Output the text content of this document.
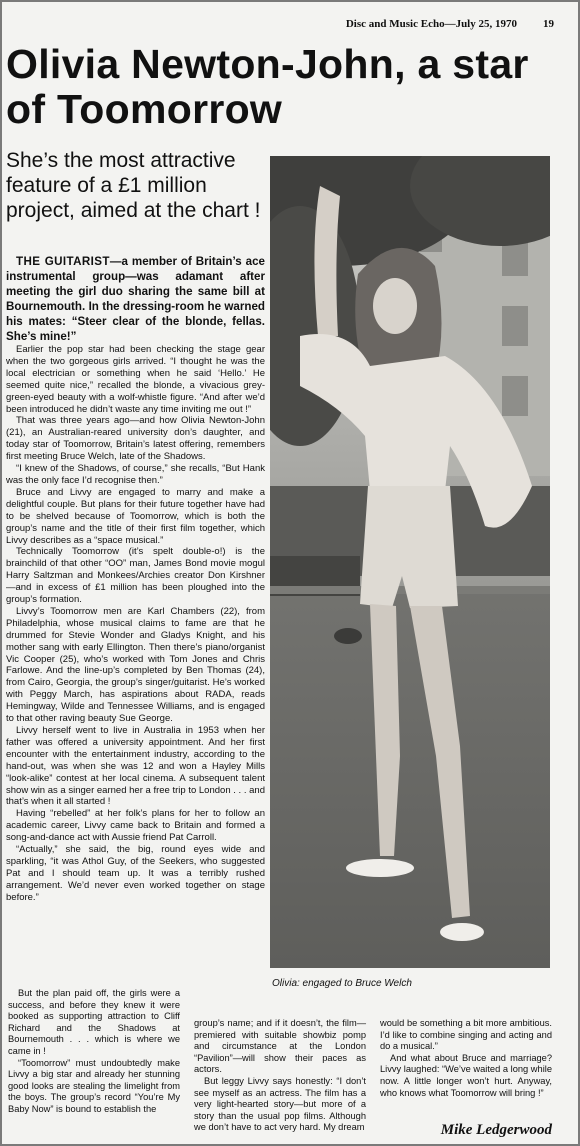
Disc and Music Echo—July 25, 1970 19
Olivia Newton-John, a star of Toomorrow
She’s the most attractive feature of a £1 million project, aimed at the chart !
Olivia: engaged to Bruce Welch

THE GUITARIST—a member of Britain’s ace instrumental group—was adamant after meeting the girl duo sharing the same bill at Bournemouth. In the dressing-room he warned his mates: “Steer clear of the blonde, fellas. She’s mine!”

Earlier the pop star had been checking the stage gear when the two gorgeous girls arrived. “I thought he was the local electrician or something when he said ‘Hello.’ He seemed quite nice,” recalled the blonde, a vivacious grey-green-eyed beauty with a wolf-whistle figure. “And after we’d been introduced he didn’t waste any time inviting me out !”

That was three years ago—and how Olivia Newton-John (21), an Australian-reared university don’s daughter, and today star of Toomorrow, Britain’s latest offering, remembers first meeting Bruce Welch, late of the Shadows.

“I knew of the Shadows, of course,” she recalls, “But Hank was the only face I’d recognise then.”

Bruce and Livvy are engaged to marry and make a delightful couple. But plans for their future together have had to be shelved because of Toomorrow, which is both the group’s name and the title of their first film together, which Livvy describes as a “space musical.”

Technically Toomorrow (it’s spelt double-o!) is the brainchild of that other “OO” man, James Bond movie mogul Harry Saltzman and Monkees/Archies creator Don Kirshner—and in excess of £1 million has been ploughed into the group’s formation.

Livvy’s Toomorrow men are Karl Chambers (22), from Philadelphia, whose musical claims to fame are that he drummed for Stevie Wonder and Gladys Knight, and his mother sang with early Ellington. Then there’s piano/organist Vic Cooper (25), who’s worked with Tom Jones and Chris Farlowe. And the line-up’s completed by Ben Thomas (24), from Cairo, Georgia, the group’s singer/guitarist. He’s worked with Peggy March, has aspirations about RADA, reads Hemingway, Wilde and Tennessee Williams, and is engaged to that other raving beauty Sue George.

Livvy herself went to live in Australia in 1953 when her father was offered a university appointment. And her first encounter with the entertainment industry, according to the hand-out, was when she was 12 and won a Hayley Mills “look-alike” contest at her local cinema. A subsequent talent show win as a singer earned her a free trip to London . . . and that’s when it all started !

Having “rebelled” at her folk’s plans for her to follow an academic career, Livvy came back to Britain and formed a song-and-dance act with Aussie friend Pat Carroll.

“Actually,” she said, the big, round eyes wide and sparkling, “it was Athol Guy, of the Seekers, who suggested Pat and I should team up. It was a terribly rushed arrangement. We’d never even worked together on stage before.”

But the plan paid off, the girls were a success, and before they knew it were booked as supporting attraction to Cliff Richard and the Shadows at Bournemouth . . . which is where we came in !

“Toomorrow” must undoubtedly make Livvy a big star and already her stunning good looks are stealing the limelight from the boys. The group’s record “You’re My Baby Now” is bound to establish the

group’s name; and if it doesn’t, the film—premiered with suitable showbiz pomp and circumstance at the London “Pavilion”—will show their paces as actors.

But leggy Livvy says honestly: “I don’t see myself as an actress. The film has a very light-hearted story—but more of a story than the usual pop films. Although we don’t have to act very hard. My dream

would be something a bit more ambitious. I’d like to combine singing and acting and do a musical.”

And what about Bruce and marriage? Livvy laughed: “We’ve waited a long while now. A little longer won’t hurt. Anyway, who knows what Toomorrow will bring !”

Mike Ledgerwood
